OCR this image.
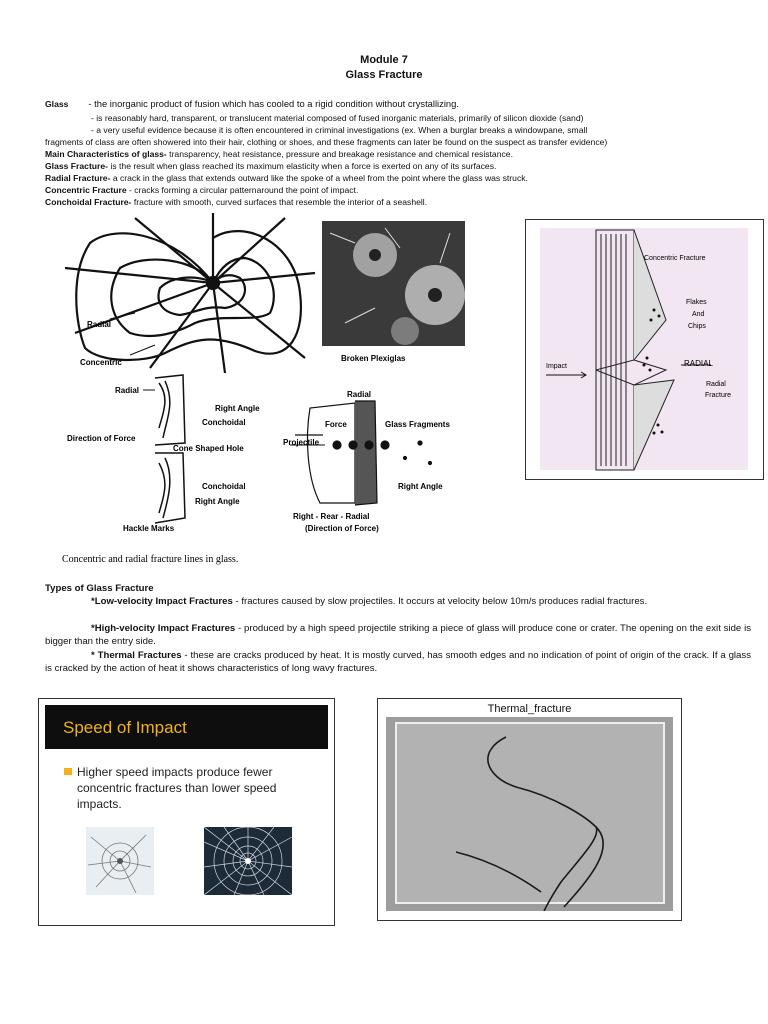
Module 7
Glass Fracture
Glass - the inorganic product of fusion which has cooled to a rigid condition without crystallizing.
- is reasonably hard, transparent, or translucent material composed of fused inorganic materials, primarily of silicon dioxide (sand)
- a very useful evidence because it is often encountered in criminal investigations (ex. When a burglar breaks a windowpane, small
fragments of class are often showered into their hair, clothing or shoes, and these fragments can later be found on the suspect as transfer evidence)
Main Characteristics of glass- transparency, heat resistance, pressure and breakage resistance and chemical resistance.
Glass Fracture- is the result when glass reached its maximum elasticity when a force is exerted on any of its surfaces.
Radial Fracture- a crack in the glass that extends outward like the spoke of a wheel from the point where the glass was struck.
Concentric Fracture - cracks forming a circular patternaround the point of impact.
Conchoidal Fracture- fracture with smooth, curved surfaces that resemble the interior of a seashell.
Radial
Concentric	Broken Plexiglas
Radial
Right Angle
Conchoidal
Direction of Force
Cone Shaped Hole
Conchoidal
Right Angle
Hackle Marks
Radial
Glass Fragments
Force
Projectile
Right Angle
Right - Rear - Radial
(Direction of Force)
Concentric and radial fracture lines in glass.
Concentric Fracture
Flakes
And
Chips
Impact	RADIAL
Radial
Fracture
Types of Glass Fracture
*Low-velocity Impact Fractures - fractures caused by slow projectiles. It occurs at velocity below 10m/s produces radial fractures.
*High-velocity Impact Fractures - produced by a high speed projectile striking a piece of glass will produce cone or crater. The opening on the exit side is bigger than the entry side.
* Thermal Fractures - these are cracks produced by heat. It is mostly curved, has smooth edges and no indication of point of origin of the crack. If a glass is cracked by the action of heat it shows characteristics of long wavy fractures.
Speed of Impact
Higher speed impacts produce fewer concentric fractures than lower speed impacts.
Thermal_fracture
